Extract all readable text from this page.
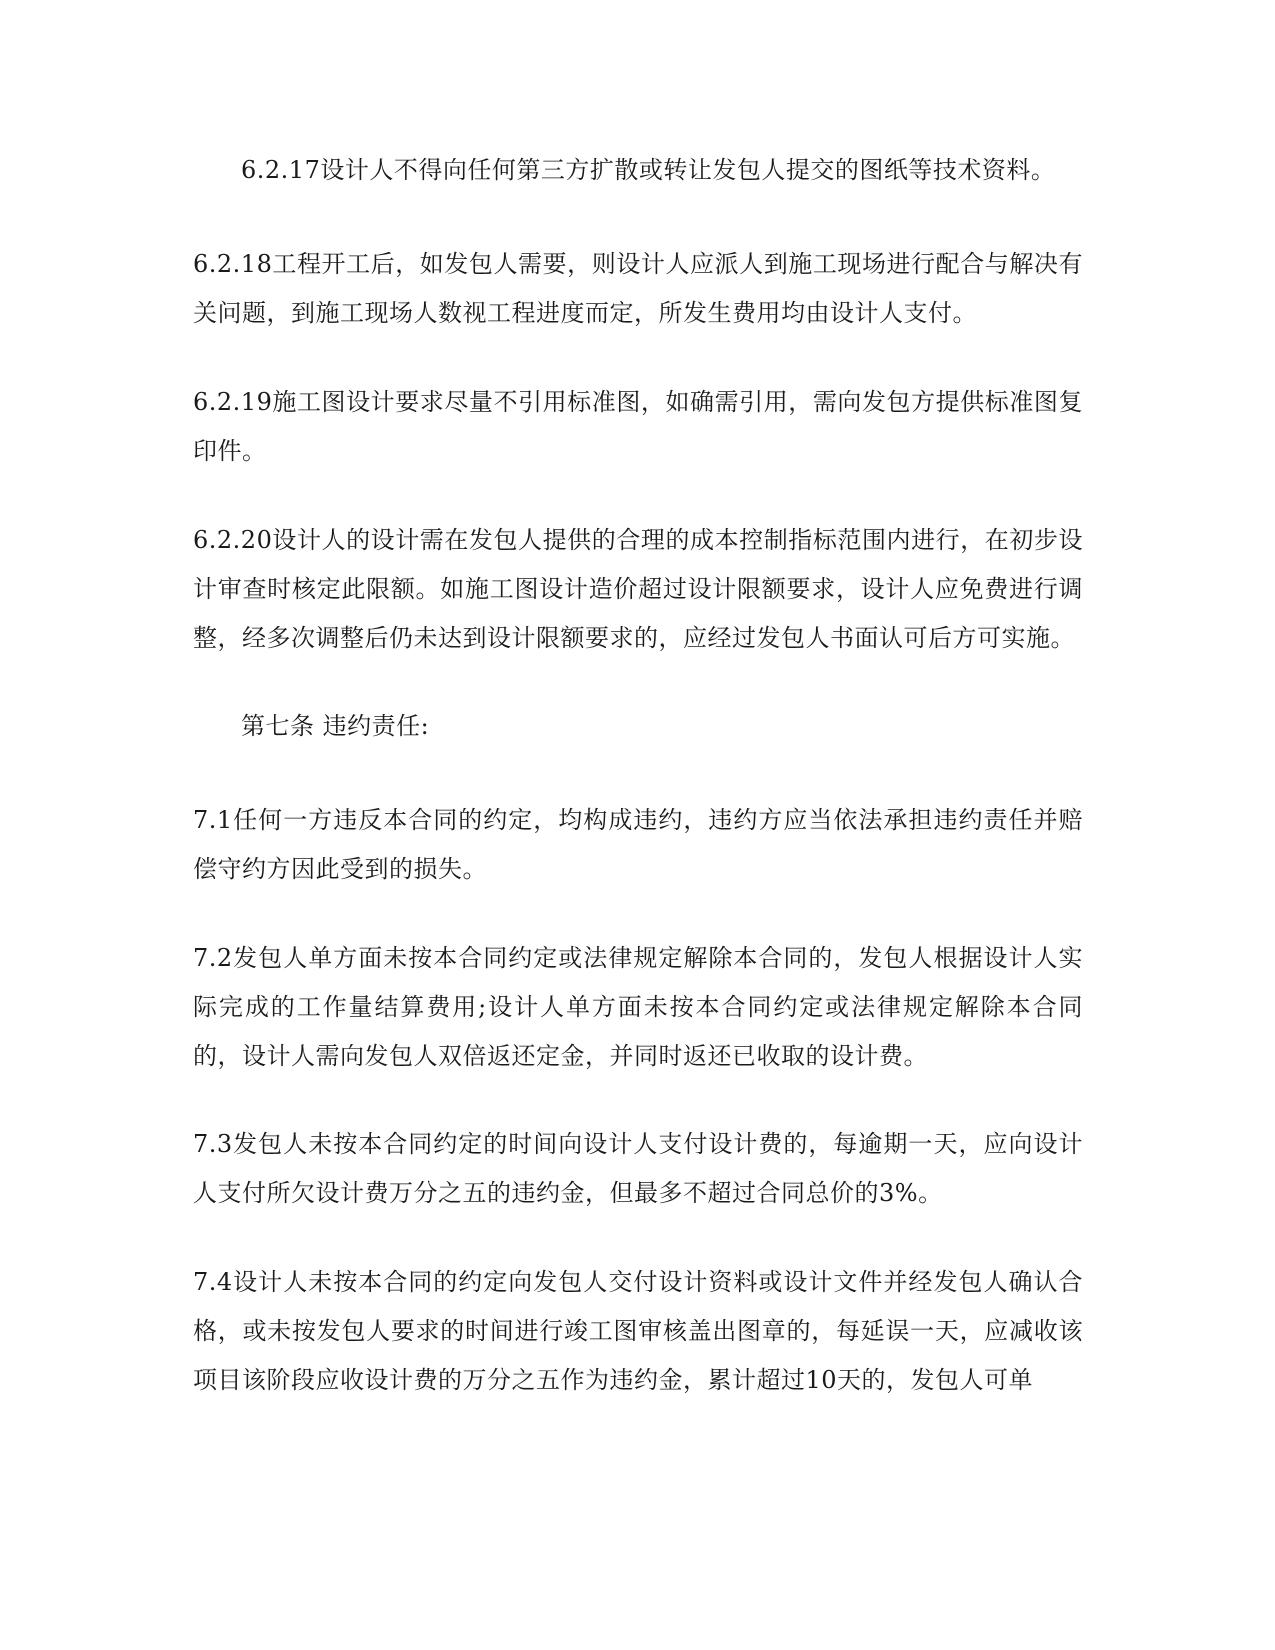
6.2.17设计人不得向任何第三方扩散或转让发包人提交的图纸等技术资料。

6.2.18工程开工后，如发包人需要，则设计人应派人到施工现场进行配合与解决有关问题，到施工现场人数视工程进度而定，所发生费用均由设计人支付。

6.2.19施工图设计要求尽量不引用标准图，如确需引用，需向发包方提供标准图复印件。

6.2.20设计人的设计需在发包人提供的合理的成本控制指标范围内进行，在初步设计审查时核定此限额。如施工图设计造价超过设计限额要求，设计人应免费进行调整，经多次调整后仍未达到设计限额要求的，应经过发包人书面认可后方可实施。

第七条 违约责任:

7.1任何一方违反本合同的约定，均构成违约，违约方应当依法承担违约责任并赔偿守约方因此受到的损失。

7.2发包人单方面未按本合同约定或法律规定解除本合同的，发包人根据设计人实际完成的工作量结算费用;设计人单方面未按本合同约定或法律规定解除本合同的，设计人需向发包人双倍返还定金，并同时返还已收取的设计费。

7.3发包人未按本合同约定的时间向设计人支付设计费的，每逾期一天，应向设计人支付所欠设计费万分之五的违约金，但最多不超过合同总价的3%。

7.4设计人未按本合同的约定向发包人交付设计资料或设计文件并经发包人确认合格，或未按发包人要求的时间进行竣工图审核盖出图章的，每延误一天，应减收该项目该阶段应收设计费的万分之五作为违约金，累计超过10天的，发包人可单
